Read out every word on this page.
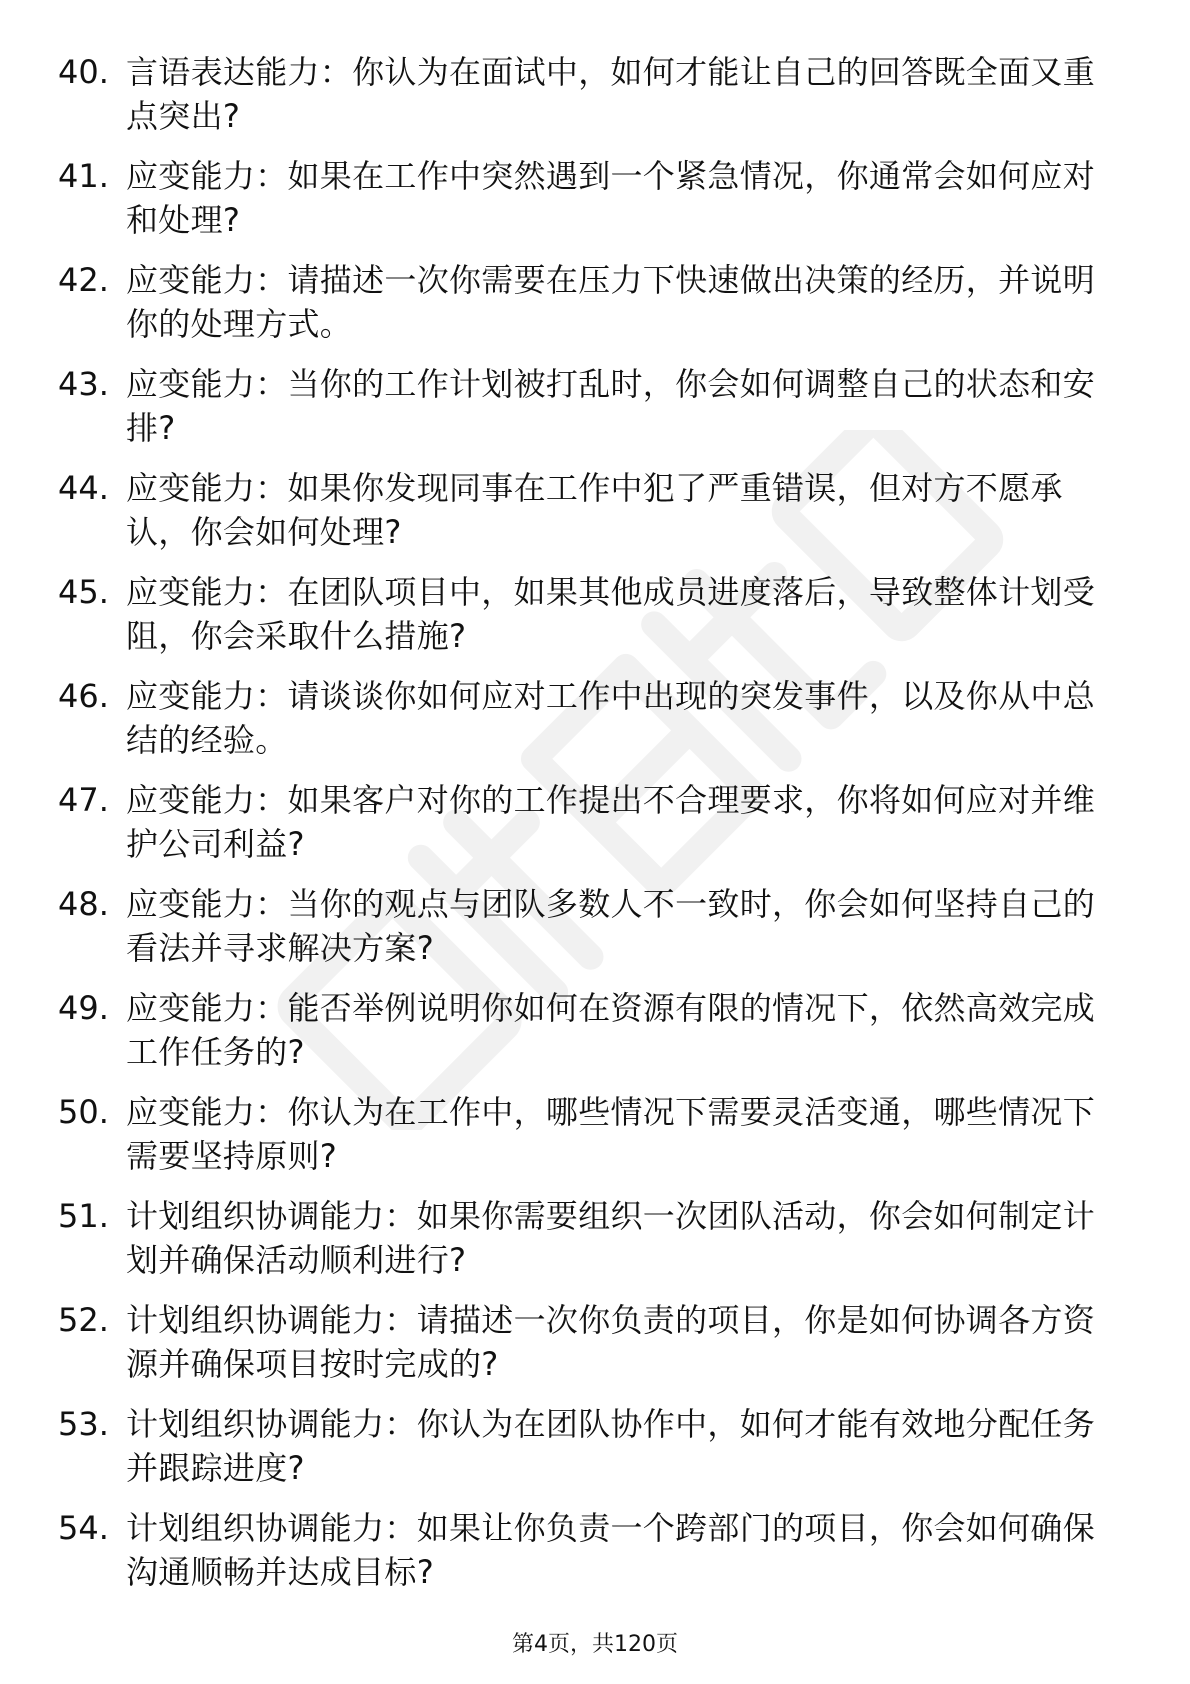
40. 言语表达能力：你认为在面试中，如何才能让自己的回答既全面又重点突出?
41. 应变能力：如果在工作中突然遇到一个紧急情况，你通常会如何应对和处理?
42. 应变能力：请描述一次你需要在压力下快速做出决策的经历，并说明你的处理方式。
43. 应变能力：当你的工作计划被打乱时，你会如何调整自己的状态和安排?
44. 应变能力：如果你发现同事在工作中犯了严重错误，但对方不愿承认，你会如何处理?
45. 应变能力：在团队项目中，如果其他成员进度落后，导致整体计划受阻，你会采取什么措施?
46. 应变能力：请谈谈你如何应对工作中出现的突发事件，以及你从中总结的经验。
47. 应变能力：如果客户对你的工作提出不合理要求，你将如何应对并维护公司利益?
48. 应变能力：当你的观点与团队多数人不一致时，你会如何坚持自己的看法并寻求解决方案?
49. 应变能力：能否举例说明你如何在资源有限的情况下，依然高效完成工作任务的?
50. 应变能力：你认为在工作中，哪些情况下需要灵活变通，哪些情况下需要坚持原则?
51. 计划组织协调能力：如果你需要组织一次团队活动，你会如何制定计划并确保活动顺利进行?
52. 计划组织协调能力：请描述一次你负责的项目，你是如何协调各方资源并确保项目按时完成的?
53. 计划组织协调能力：你认为在团队协作中，如何才能有效地分配任务并跟踪进度?
54. 计划组织协调能力：如果让你负责一个跨部门的项目，你会如何确保沟通顺畅并达成目标?
第4页，共120页
